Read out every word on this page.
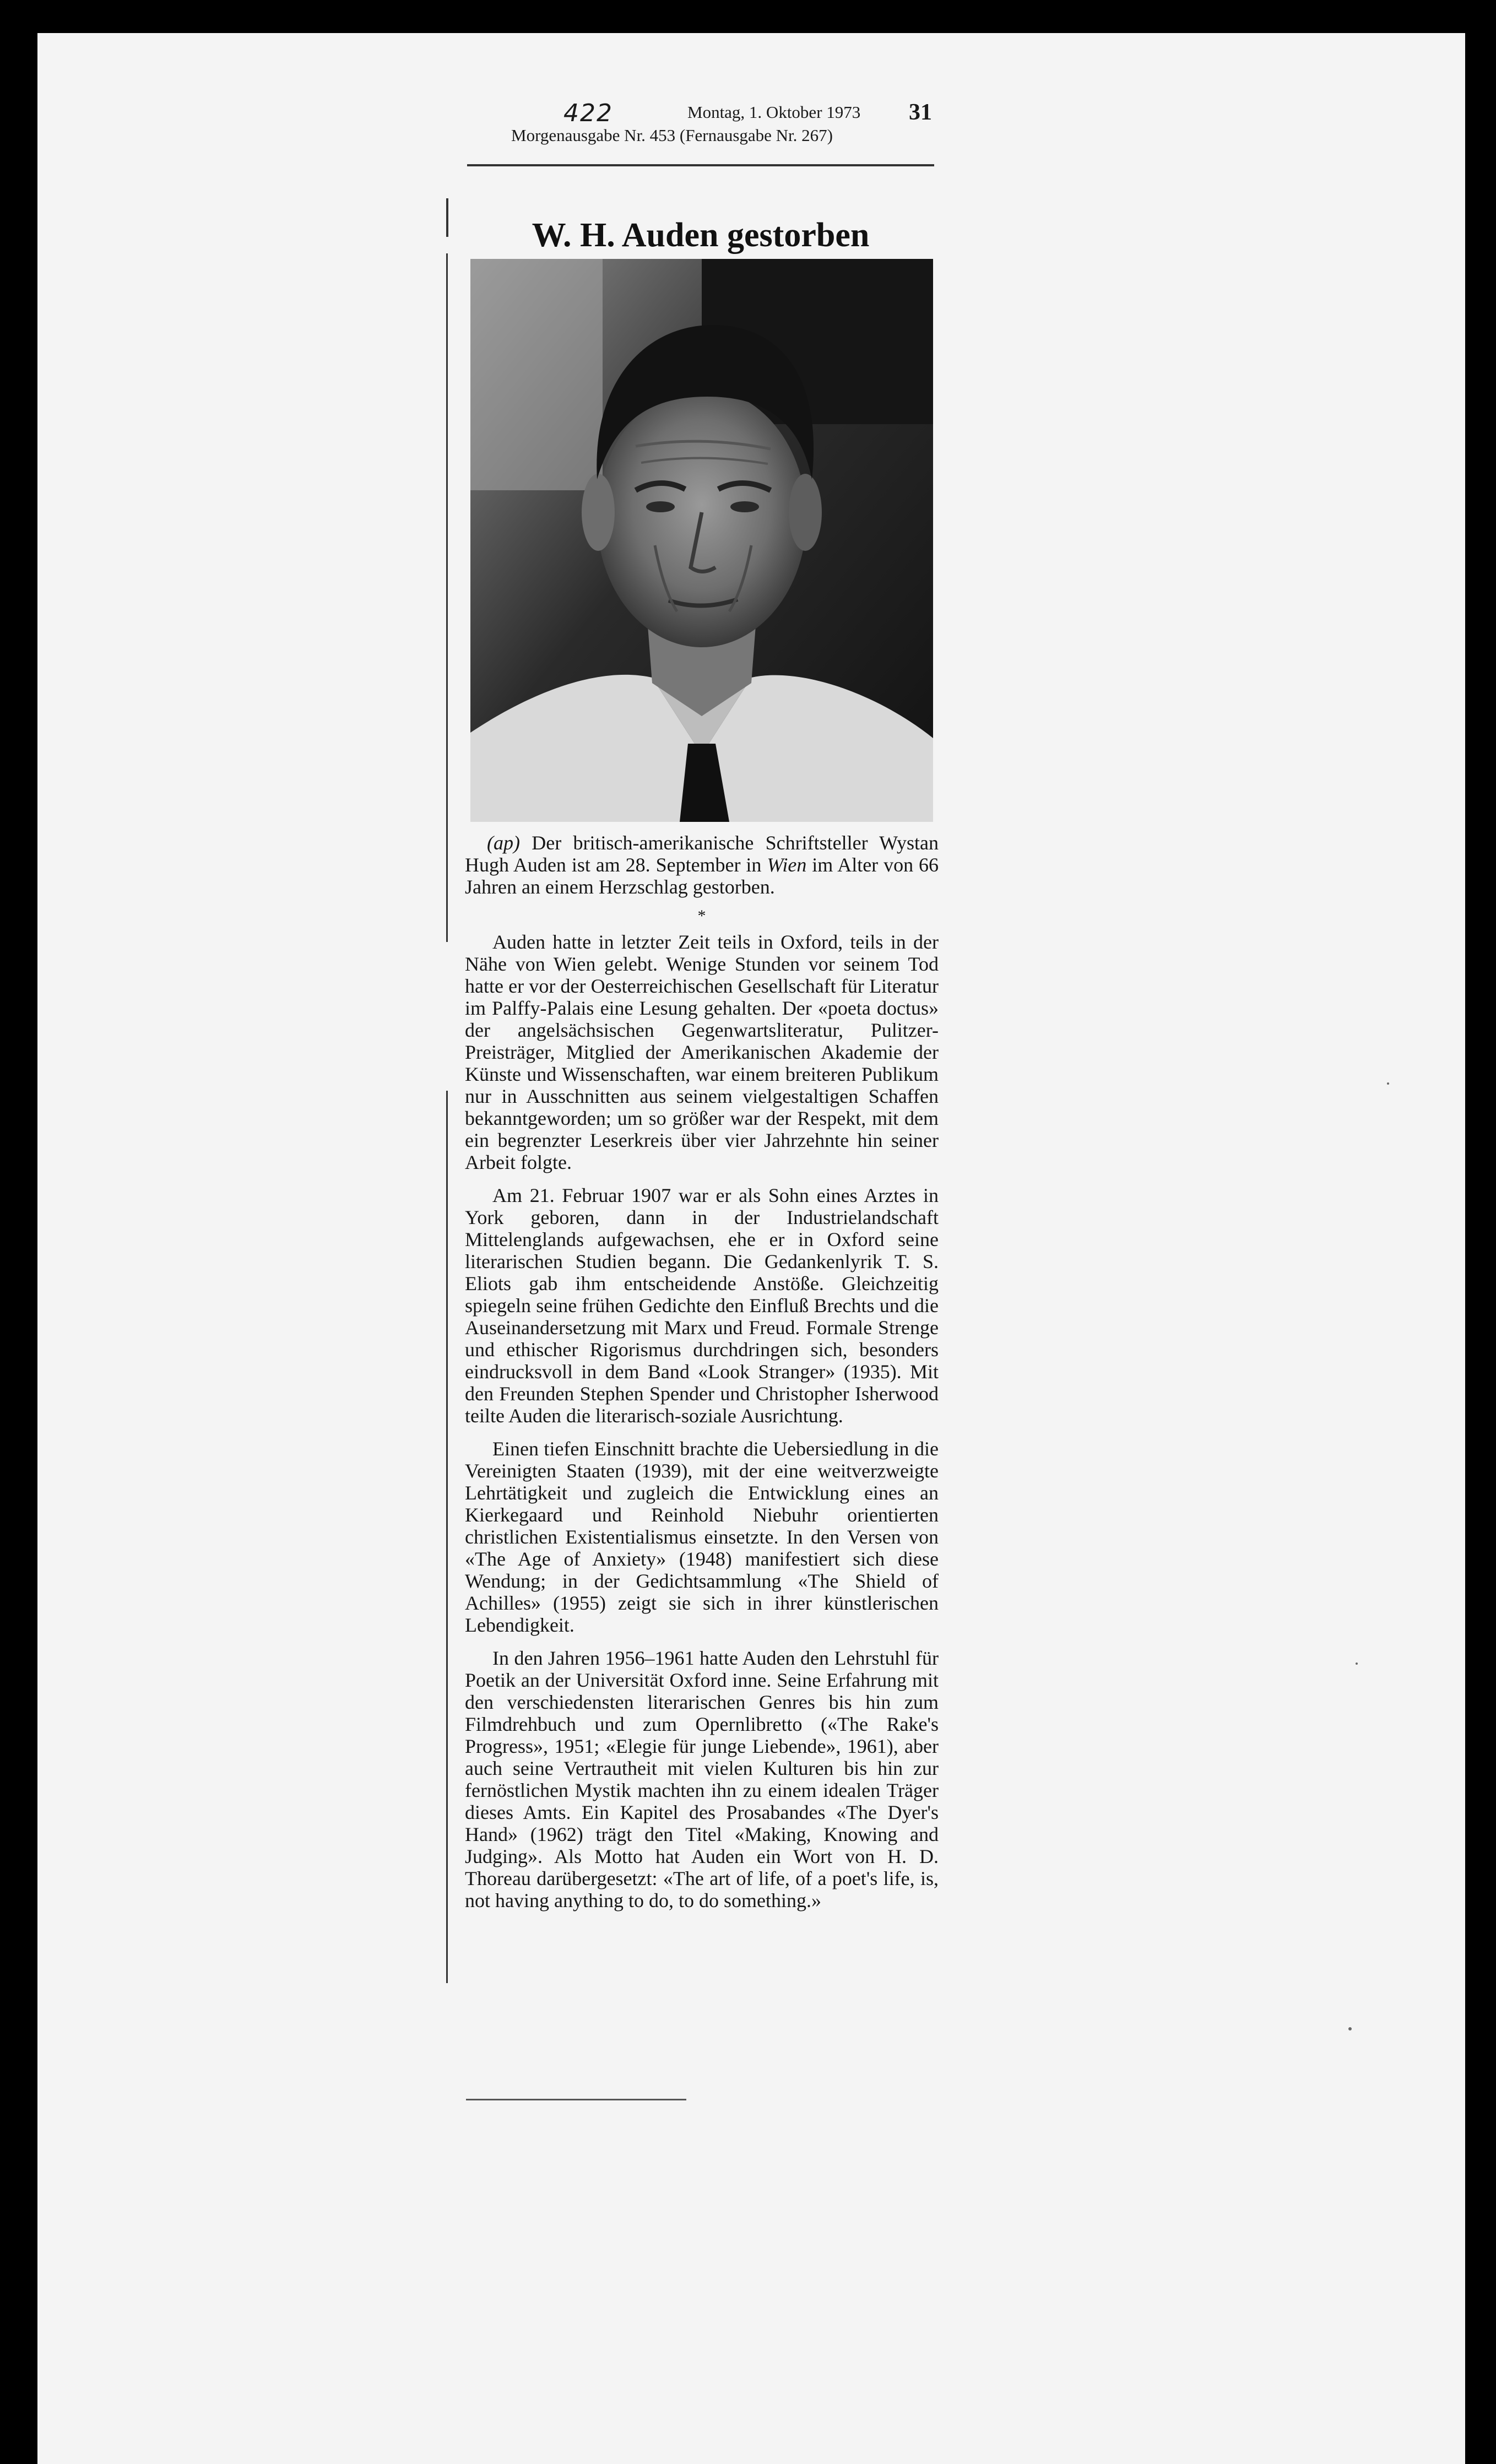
422	Montag, 1. Oktober 1973 31
Morgenausgabe Nr. 453 (Fernausgabe Nr. 267)
W. H. Auden gestorben

(ap) Der britisch-amerikanische Schriftsteller Wystan Hugh Auden ist am 28. September in Wien im Alter von 66 Jahren an einem Herzschlag gestorben.

*

Auden hatte in letzter Zeit teils in Oxford, teils in der Nähe von Wien gelebt. Wenige Stunden vor seinem Tod hatte er vor der Oesterreichischen Gesellschaft für Literatur im Palffy-Palais eine Lesung gehalten. Der «poeta doctus» der angelsächsischen Gegenwartsliteratur, Pulitzer-Preisträger, Mitglied der Amerikanischen Akademie der Künste und Wissenschaften, war einem breiteren Publikum nur in Ausschnitten aus seinem vielgestaltigen Schaffen bekanntgeworden; um so größer war der Respekt, mit dem ein begrenzter Leserkreis über vier Jahrzehnte hin seiner Arbeit folgte.

Am 21. Februar 1907 war er als Sohn eines Arztes in York geboren, dann in der Industrielandschaft Mittelenglands aufgewachsen, ehe er in Oxford seine literarischen Studien begann. Die Gedankenlyrik T. S. Eliots gab ihm entscheidende Anstöße. Gleichzeitig spiegeln seine frühen Gedichte den Einfluß Brechts und die Auseinandersetzung mit Marx und Freud. Formale Strenge und ethischer Rigorismus durchdringen sich, besonders eindrucksvoll in dem Band «Look Stranger» (1935). Mit den Freunden Stephen Spender und Christopher Isherwood teilte Auden die literarisch-soziale Ausrichtung.

Einen tiefen Einschnitt brachte die Uebersiedlung in die Vereinigten Staaten (1939), mit der eine weitverzweigte Lehrtätigkeit und zugleich die Entwicklung eines an Kierkegaard und Reinhold Niebuhr orientierten christlichen Existentialismus einsetzte. In den Versen von «The Age of Anxiety» (1948) manifestiert sich diese Wendung; in der Gedichtsammlung «The Shield of Achilles» (1955) zeigt sie sich in ihrer künstlerischen Lebendigkeit.

In den Jahren 1956–1961 hatte Auden den Lehrstuhl für Poetik an der Universität Oxford inne. Seine Erfahrung mit den verschiedensten literarischen Genres bis hin zum Filmdrehbuch und zum Opernlibretto («The Rake's Progress», 1951; «Elegie für junge Liebende», 1961), aber auch seine Vertrautheit mit vielen Kulturen bis hin zur fernöstlichen Mystik machten ihn zu einem idealen Träger dieses Amts. Ein Kapitel des Prosabandes «The Dyer's Hand» (1962) trägt den Titel «Making, Knowing and Judging». Als Motto hat Auden ein Wort von H. D. Thoreau darübergesetzt: «The art of life, of a poet's life, is, not having anything to do, to do something.»
